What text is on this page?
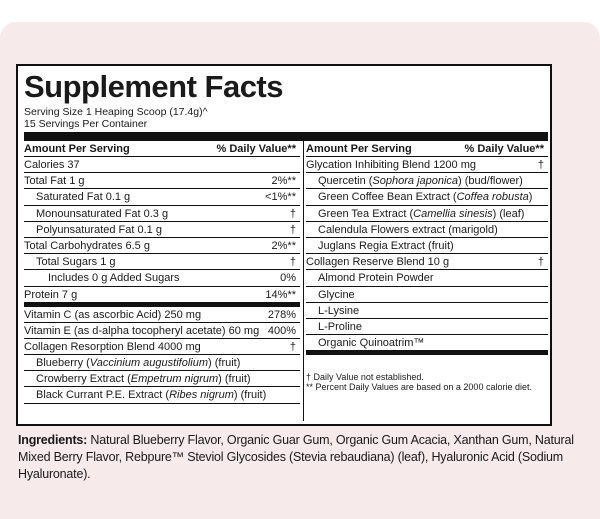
Supplement Facts
Serving Size 1 Heaping Scoop (17.4g)^
15 Servings Per Container
Amount Per Serving	% Daily Value**
Calories 37
Total Fat 1 g	2%**
Saturated Fat 0.1 g	<1%**
Monounsaturated Fat 0.3 g	†
Polyunsaturated Fat 0.1 g	†
Total Carbohydrates 6.5 g	2%**
Total Sugars 1 g	†
Includes 0 g Added Sugars	0%
Protein 7 g	14%**
Vitamin C (as ascorbic Acid) 250 mg	278%
Vitamin E (as d-alpha tocopheryl acetate) 60 mg 400%
Collagen Resorption Blend 4000 mg	†
Blueberry (Vaccinium augustifolium) (fruit)
Crowberry Extract (Empetrum nigrum) (fruit)
Black Currant P.E. Extract (Ribes nigrum) (fruit)
Amount Per Serving	% Daily Value**
Glycation Inhibiting Blend 1200 mg	†
Quercetin (Sophora japonica) (bud/flower)
Green Coffee Bean Extract (Coffea robusta)
Green Tea Extract (Camellia sinesis) (leaf)
Calendula Flowers extract (marigold)
Juglans Regia Extract (fruit)
Collagen Reserve Blend 10 g	†
Almond Protein Powder
Glycine
L-Lysine
L-Proline
Organic Quinoatrim™
† Daily Value not established.
** Percent Daily Values are based on a 2000 calorie diet.
Ingredients: Natural Blueberry Flavor, Organic Guar Gum, Organic Gum Acacia, Xanthan Gum, Natural Mixed Berry Flavor, Rebpure™ Steviol Glycosides (Stevia rebaudiana) (leaf), Hyaluronic Acid (Sodium Hyaluronate).
